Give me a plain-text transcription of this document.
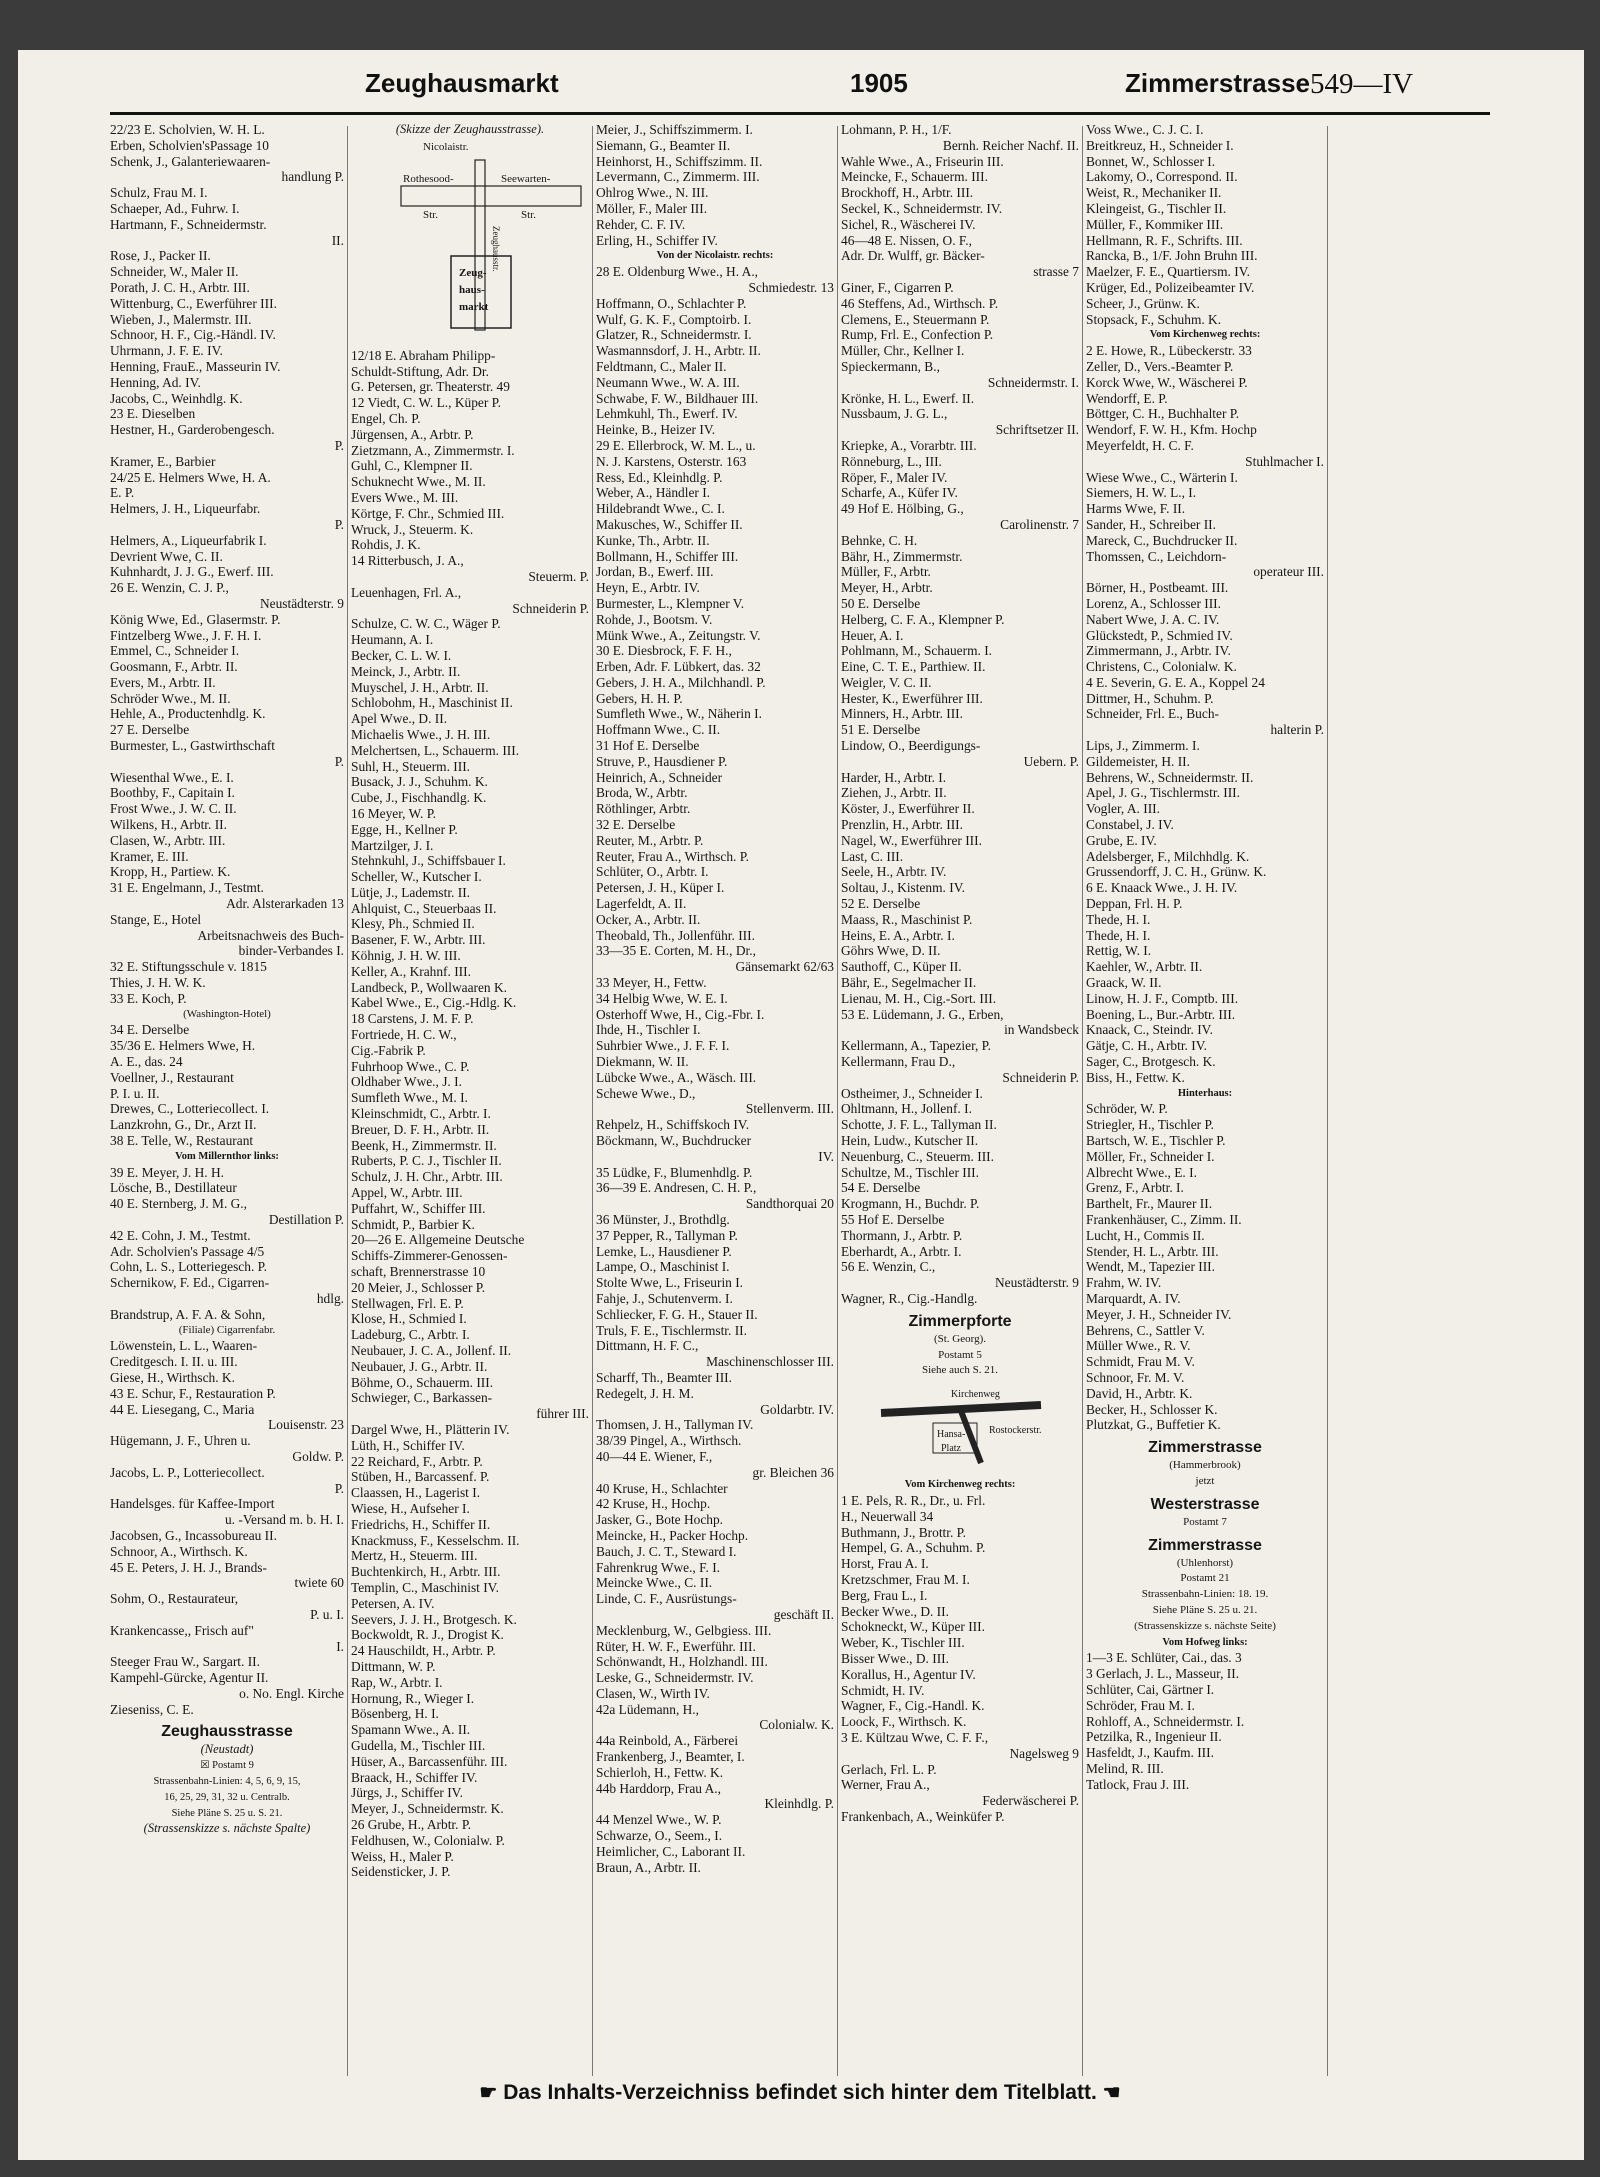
Zeughausmarkt	1905	Zimmerstrasse 549—IV
22/23 E. Scholvien, W. H. L.
Erben, Scholvien'sPassage 10
Schenk, J., Galanteriewaaren-
handlung P.
Schulz, Frau M. I.
Schaeper, Ad., Fuhrw. I.
Hartmann, F., Schneidermstr.
II.
Rose, J., Packer II.
Schneider, W., Maler II.
Porath, J. C. H., Arbtr. III.
Wittenburg, C., Ewerführer III.
Wieben, J., Malermstr. III.
Schnoor, H. F., Cig.-Händl. IV.
Uhrmann, J. F. E. IV.
Henning, FrauE., Masseurin IV.
Henning, Ad. IV.
Jacobs, C., Weinhdlg. K.
23 E. Dieselben
Hestner, H., Garderobengesch.
P.
Kramer, E., Barbier
24/25 E. Helmers Wwe, H. A.
E. P.
Helmers, J. H., Liqueurfabr.
P.
Helmers, A., Liqueurfabrik I.
Devrient Wwe, C. II.
Kuhnhardt, J. J. G., Ewerf. III.
26 E. Wenzin, C. J. P.,
Neustädterstr. 9
König Wwe, Ed., Glasermstr. P.
Fintzelberg Wwe., J. F. H. I.
Emmel, C., Schneider I.
Goosmann, F., Arbtr. II.
Evers, M., Arbtr. II.
Schröder Wwe., M. II.
Hehle, A., Productenhdlg. K.
27 E. Derselbe
Burmester, L., Gastwirthschaft
P.
Wiesenthal Wwe., E. I.
Boothby, F., Capitain I.
Frost Wwe., J. W. C. II.
Wilkens, H., Arbtr. II.
Clasen, W., Arbtr. III.
Kramer, E. III.
Kropp, H., Partiew. K.
31 E. Engelmann, J., Testmt.
Adr. Alsterarkaden 13
Stange, E., Hotel
Arbeitsnachweis des Buch-
binder-Verbandes I.
32 E. Stiftungsschule v. 1815
Thies, J. H. W. K.
33 E. Koch, P.
(Washington-Hotel)
34 E. Derselbe
35/36 E. Helmers Wwe, H.
A. E., das. 24
Voellner, J., Restaurant
P. I. u. II.
Drewes, C., Lotteriecollect. I.
Lanzkrohn, G., Dr., Arzt II.
38 E. Telle, W., Restaurant
Vom Millernthor links:
39 E. Meyer, J. H. H.
Lösche, B., Destillateur
40 E. Sternberg, J. M. G.,
Destillation P.
42 E. Cohn, J. M., Testmt.
Adr. Scholvien's Passage 4/5
Cohn, L. S., Lotteriegesch. P.
Schernikow, F. Ed., Cigarren-
hdlg.
Brandstrup, A. F. A. & Sohn,
(Filiale) Cigarrenfabr.
Löwenstein, L. L., Waaren-
Creditgesch. I. II. u. III.
Giese, H., Wirthsch. K.
43 E. Schur, F., Restauration P.
44 E. Liesegang, C., Maria
Louisenstr. 23
Hügemann, J. F., Uhren u.
Goldw. P.
Jacobs, L. P., Lotteriecollect.
P.
Handelsges. für Kaffee-Import
u. -Versand m. b. H. I.
Jacobsen, G., Incassobureau II.
Schnoor, A., Wirthsch. K.
45 E. Peters, J. H. J., Brands-
twiete 60
Sohm, O., Restaurateur,
P. u. I.
Krankencasse,, Frisch auf"
I.
Steeger Frau W., Sargart. II.
Kampehl-Gürcke, Agentur II.
o. No. Engl. Kirche
Zieseniss, C. E.
Zeughausstrasse
(Neustadt)
☒ Postamt 9
Strassenbahn-Linien: 4, 5, 6, 9, 15,
16, 25, 29, 31, 32 u. Centralb.
Siehe Pläne S. 25 u. S. 21.
(Strassenskizze s. nächste Spalte)
(Skizze der Zeughausstrasse).
Nicolaistr.
Rothesood-
Str.
Seewarten-
Str.
Zeug-
haus-
markt
Zeughausstr.
12/18 E. Abraham Philipp-
Schuldt-Stiftung, Adr. Dr.
G. Petersen, gr. Theaterstr. 49
12 Viedt, C. W. L., Küper P.
Engel, Ch. P.
Jürgensen, A., Arbtr. P.
Zietzmann, A., Zimmermstr. I.
Guhl, C., Klempner II.
Schuknecht Wwe., M. II.
Evers Wwe., M. III.
Körtge, F. Chr., Schmied III.
Wruck, J., Steuerm. K.
Rohdis, J. K.
14 Ritterbusch, J. A.,
Steuerm. P.
Leuenhagen, Frl. A.,
Schneiderin P.
Schulze, C. W. C., Wäger P.
Heumann, A. I.
Becker, C. L. W. I.
Meinck, J., Arbtr. II.
Muyschel, J. H., Arbtr. II.
Schlobohm, H., Maschinist II.
Apel Wwe., D. II.
Michaelis Wwe., J. H. III.
Melchertsen, L., Schauerm. III.
Suhl, H., Steuerm. III.
Busack, J. J., Schuhm. K.
Cube, J., Fischhandlg. K.
16 Meyer, W. P.
Egge, H., Kellner P.
Martzilger, J. I.
Stehnkuhl, J., Schiffsbauer I.
Scheller, W., Kutscher I.
Lütje, J., Lademstr. II.
Ahlquist, C., Steuerbaas II.
Klesy, Ph., Schmied II.
Basener, F. W., Arbtr. III.
Köhnig, J. H. W. III.
Keller, A., Krahnf. III.
Landbeck, P., Wollwaaren K.
Kabel Wwe., E., Cig.-Hdlg. K.
18 Carstens, J. M. F. P.
Fortriede, H. C. W.,
Cig.-Fabrik P.
Fuhrhoop Wwe., C. P.
Oldhaber Wwe., J. I.
Sumfleth Wwe., M. I.
Kleinschmidt, C., Arbtr. I.
Breuer, D. F. H., Arbtr. II.
Beenk, H., Zimmermstr. II.
Ruberts, P. C. J., Tischler II.
Schulz, J. H. Chr., Arbtr. III.
Appel, W., Arbtr. III.
Puffahrt, W., Schiffer III.
Schmidt, P., Barbier K.
20—26 E. Allgemeine Deutsche
Schiffs-Zimmerer-Genossen-
schaft, Brennerstrasse 10
20 Meier, J., Schlosser P.
Stellwagen, Frl. E. P.
Klose, H., Schmied I.
Ladeburg, C., Arbtr. I.
Neubauer, J. C. A., Jollenf. II.
Neubauer, J. G., Arbtr. II.
Böhme, O., Schauerm. III.
Schwieger, C., Barkassen-
führer III.
Dargel Wwe, H., Plätterin IV.
Lüth, H., Schiffer IV.
22 Reichard, F., Arbtr. P.
Stüben, H., Barcassenf. P.
Claassen, H., Lagerist I.
Wiese, H., Aufseher I.
Friedrichs, H., Schiffer II.
Knackmuss, F., Kesselschm. II.
Mertz, H., Steuerm. III.
Buchtenkirch, H., Arbtr. III.
Templin, C., Maschinist IV.
Petersen, A. IV.
Seevers, J. J. H., Brotgesch. K.
Bockwoldt, R. J., Drogist K.
24 Hauschildt, H., Arbtr. P.
Dittmann, W. P.
Rap, W., Arbtr. I.
Hornung, R., Wieger I.
Bösenberg, H. I.
Spamann Wwe., A. II.
Gudella, M., Tischler III.
Hüser, A., Barcassenführ. III.
Braack, H., Schiffer IV.
Jürgs, J., Schiffer IV.
Meyer, J., Schneidermstr. K.
26 Grube, H., Arbtr. P.
Feldhusen, W., Colonialw. P.
Weiss, H., Maler P.
Seidensticker, J. P.
Meier, J., Schiffszimmerm. I.
Siemann, G., Beamter II.
Heinhorst, H., Schiffszimm. II.
Levermann, C., Zimmerm. III.
Ohlrog Wwe., N. III.
Möller, F., Maler III.
Rehder, C. F. IV.
Erling, H., Schiffer IV.
Von der Nicolaistr. rechts:
28 E. Oldenburg Wwe., H. A.,
Schmiedestr. 13
Hoffmann, O., Schlachter P.
Wulf, G. K. F., Comptoirb. I.
Glatzer, R., Schneidermstr. I.
Wasmannsdorf, J. H., Arbtr. II.
Feldtmann, C., Maler II.
Neumann Wwe., W. A. III.
Schwabe, F. W., Bildhauer III.
Lehmkuhl, Th., Ewerf. IV.
Heinke, B., Heizer IV.
29 E. Ellerbrock, W. M. L., u.
N. J. Karstens, Osterstr. 163
Ress, Ed., Kleinhdlg. P.
Weber, A., Händler I.
Hildebrandt Wwe., C. I.
Makusches, W., Schiffer II.
Kunke, Th., Arbtr. II.
Bollmann, H., Schiffer III.
Jordan, B., Ewerf. III.
Heyn, E., Arbtr. IV.
Burmester, L., Klempner V.
Rohde, J., Bootsm. V.
Münk Wwe., A., Zeitungstr. V.
30 E. Diesbrock, F. F. H.,
Erben, Adr. F. Lübkert, das. 32
Gebers, J. H. A., Milchhandl. P.
Gebers, H. H. P.
Sumfleth Wwe., W., Näherin I.
Hoffmann Wwe., C. II.
31 Hof E. Derselbe
Struve, P., Hausdiener P.
Heinrich, A., Schneider
Broda, W., Arbtr.
Röthlinger, Arbtr.
32 E. Derselbe
Reuter, M., Arbtr. P.
Reuter, Frau A., Wirthsch. P.
Schlüter, O., Arbtr. I.
Petersen, J. H., Küper I.
Lagerfeldt, A. II.
Ocker, A., Arbtr. II.
Theobald, Th., Jollenführ. III.
33—35 E. Corten, M. H., Dr.,
Gänsemarkt 62/63
33 Meyer, H., Fettw.
34 Helbig Wwe, W. E. I.
Osterhoff Wwe, H., Cig.-Fbr. I.
Ihde, H., Tischler I.
Suhrbier Wwe., J. F. F. I.
Diekmann, W. II.
Lübcke Wwe., A., Wäsch. III.
Schewe Wwe., D.,
Stellenverm. III.
Rehpelz, H., Schiffskoch IV.
Böckmann, W., Buchdrucker
IV.
35 Lüdke, F., Blumenhdlg. P.
36—39 E. Andresen, C. H. P.,
Sandthorquai 20
36 Münster, J., Brothdlg.
37 Pepper, R., Tallyman P.
Lemke, L., Hausdiener P.
Lampe, O., Maschinist I.
Stolte Wwe, L., Friseurin I.
Fahje, J., Schutenverm. I.
Schliecker, F. G. H., Stauer II.
Truls, F. E., Tischlermstr. II.
Dittmann, H. F. C.,
Maschinenschlosser III.
Scharff, Th., Beamter III.
Redegelt, J. H. M.
Goldarbtr. IV.
Thomsen, J. H., Tallyman IV.
38/39 Pingel, A., Wirthsch.
40—44 E. Wiener, F.,
gr. Bleichen 36
40 Kruse, H., Schlachter
42 Kruse, H., Hochp.
Jasker, G., Bote Hochp.
Meincke, H., Packer Hochp.
Bauch, J. C. T., Steward I.
Fahrenkrug Wwe., F. I.
Meincke Wwe., C. II.
Linde, C. F., Ausrüstungs-
geschäft II.
Mecklenburg, W., Gelbgiess. III.
Rüter, H. W. F., Ewerführ. III.
Schönwandt, H., Holzhandl. III.
Leske, G., Schneidermstr. IV.
Clasen, W., Wirth IV.
42a Lüdemann, H.,
Colonialw. K.
44a Reinbold, A., Färberei
Frankenberg, J., Beamter, I.
Schierloh, H., Fettw. K.
44b Harddorp, Frau A.,
Kleinhdlg. P.
44 Menzel Wwe., W. P.
Schwarze, O., Seem., I.
Heimlicher, C., Laborant II.
Braun, A., Arbtr. II.
Lohmann, P. H., 1/F.
Bernh. Reicher Nachf. II.
Wahle Wwe., A., Friseurin III.
Meincke, F., Schauerm. III.
Brockhoff, H., Arbtr. III.
Seckel, K., Schneidermstr. IV.
Sichel, R., Wäscherei IV.
46—48 E. Nissen, O. F.,
Adr. Dr. Wulff, gr. Bäcker-
strasse 7
Giner, F., Cigarren P.
46 Steffens, Ad., Wirthsch. P.
Clemens, E., Steuermann P.
Rump, Frl. E., Confection P.
Müller, Chr., Kellner I.
Spieckermann, B.,
Schneidermstr. I.
Krönke, H. L., Ewerf. II.
Nussbaum, J. G. L.,
Schriftsetzer II.
Kriepke, A., Vorarbtr. III.
Rönneburg, L., III.
Röper, F., Maler IV.
Scharfe, A., Küfer IV.
49 Hof E. Hölbing, G.,
Carolinenstr. 7
Behnke, C. H.
Bähr, H., Zimmermstr.
Müller, F., Arbtr.
Meyer, H., Arbtr.
50 E. Derselbe
Helberg, C. F. A., Klempner P.
Heuer, A. I.
Pohlmann, M., Schauerm. I.
Eine, C. T. E., Parthiew. II.
Weigler, V. C. II.
Hester, K., Ewerführer III.
Minners, H., Arbtr. III.
51 E. Derselbe
Lindow, O., Beerdigungs-
Uebern. P.
Harder, H., Arbtr. I.
Ziehen, J., Arbtr. II.
Köster, J., Ewerführer II.
Prenzlin, H., Arbtr. III.
Nagel, W., Ewerführer III.
Last, C. III.
Seele, H., Arbtr. IV.
Soltau, J., Kistenm. IV.
52 E. Derselbe
Maass, R., Maschinist P.
Heins, E. A., Arbtr. I.
Göhrs Wwe, D. II.
Sauthoff, C., Küper II.
Bähr, E., Segelmacher II.
Lienau, M. H., Cig.-Sort. III.
53 E. Lüdemann, J. G., Erben,
in Wandsbeck
Kellermann, A., Tapezier, P.
Kellermann, Frau D.,
Schneiderin P.
Ostheimer, J., Schneider I.
Ohltmann, H., Jollenf. I.
Schotte, J. F. L., Tallyman II.
Hein, Ludw., Kutscher II.
Neuenburg, C., Steuerm. III.
Schultze, M., Tischler III.
54 E. Derselbe
Krogmann, H., Buchdr. P.
55 Hof E. Derselbe
Thormann, J., Arbtr. P.
Eberhardt, A., Arbtr. I.
56 E. Wenzin, C.,
Neustädterstr. 9
Wagner, R., Cig.-Handlg.
Zimmerpforte
(St. Georg).
Postamt 5
Siehe auch S. 21.
Kirchenweg
Hansa-
Platz
Rostockerstr.
Vom Kirchenweg rechts:
1 E. Pels, R. R., Dr., u. Frl.
H., Neuerwall 34
Buthmann, J., Brottr. P.
Hempel, G. A., Schuhm. P.
Horst, Frau A. I.
Kretzschmer, Frau M. I.
Berg, Frau L., I.
Becker Wwe., D. II.
Schokneckt, W., Küper III.
Weber, K., Tischler III.
Bisser Wwe., D. III.
Korallus, H., Agentur IV.
Schmidt, H. IV.
Wagner, F., Cig.-Handl. K.
Loock, F., Wirthsch. K.
3 E. Kültzau Wwe, C. F. F.,
Nagelsweg 9
Gerlach, Frl. L. P.
Werner, Frau A.,
Federwäscherei P.
Frankenbach, A., Weinküfer P.
Voss Wwe., C. J. C. I.
Breitkreuz, H., Schneider I.
Bonnet, W., Schlosser I.
Lakomy, O., Correspond. II.
Weist, R., Mechaniker II.
Kleingeist, G., Tischler II.
Müller, F., Kommiker III.
Hellmann, R. F., Schrifts. III.
Rancka, B., 1/F. John Bruhn III.
Maelzer, F. E., Quartiersm. IV.
Krüger, Ed., Polizeibeamter IV.
Scheer, J., Grünw. K.
Stopsack, F., Schuhm. K.
Vom Kirchenweg rechts:
2 E. Howe, R., Lübeckerstr. 33
Zeller, D., Vers.-Beamter P.
Korck Wwe, W., Wäscherei P.
Wendorff, E. P.
Böttger, C. H., Buchhalter P.
Wendorf, F. W. H., Kfm. Hochp
Meyerfeldt, H. C. F.
Stuhlmacher I.
Wiese Wwe., C., Wärterin I.
Siemers, H. W. L., I.
Harms Wwe, F. II.
Sander, H., Schreiber II.
Mareck, C., Buchdrucker II.
Thomssen, C., Leichdorn-
operateur III.
Börner, H., Postbeamt. III.
Lorenz, A., Schlosser III.
Nabert Wwe, J. A. C. IV.
Glückstedt, P., Schmied IV.
Zimmermann, J., Arbtr. IV.
Christens, C., Colonialw. K.
4 E. Severin, G. E. A., Koppel 24
Dittmer, H., Schuhm. P.
Schneider, Frl. E., Buch-
halterin P.
Lips, J., Zimmerm. I.
Gildemeister, H. II.
Behrens, W., Schneidermstr. II.
Apel, J. G., Tischlermstr. III.
Vogler, A. III.
Constabel, J. IV.
Grube, E. IV.
Adelsberger, F., Milchhdlg. K.
Grussendorff, J. C. H., Grünw. K.
6 E. Knaack Wwe., J. H. IV.
Deppan, Frl. H. P.
Thede, H. I.
Thede, H. I.
Rettig, W. I.
Kaehler, W., Arbtr. II.
Graack, W. II.
Linow, H. J. F., Comptb. III.
Boening, L., Bur.-Arbtr. III.
Knaack, C., Steindr. IV.
Gätje, C. H., Arbtr. IV.
Sager, C., Brotgesch. K.
Biss, H., Fettw. K.
Hinterhaus:
Schröder, W. P.
Striegler, H., Tischler P.
Bartsch, W. E., Tischler P.
Möller, Fr., Schneider I.
Albrecht Wwe., E. I.
Grenz, F., Arbtr. I.
Barthelt, Fr., Maurer II.
Frankenhäuser, C., Zimm. II.
Lucht, H., Commis II.
Stender, H. L., Arbtr. III.
Wendt, M., Tapezier III.
Frahm, W. IV.
Marquardt, A. IV.
Meyer, J. H., Schneider IV.
Behrens, C., Sattler V.
Müller Wwe., R. V.
Schmidt, Frau M. V.
Schnoor, Fr. M. V.
David, H., Arbtr. K.
Becker, H., Schlosser K.
Plutzkat, G., Buffetier K.
Zimmerstrasse
(Hammerbrook)
jetzt
Westerstrasse
Postamt 7
Zimmerstrasse
(Uhlenhorst)
Postamt 21
Strassenbahn-Linien: 18. 19.
Siehe Pläne S. 25 u. 21.
(Strassenskizze s. nächste Seite)
Vom Hofweg links:
1—3 E. Schlüter, Cai., das. 3
3 Gerlach, J. L., Masseur, II.
Schlüter, Cai, Gärtner I.
Schröder, Frau M. I.
Rohloff, A., Schneidermstr. I.
Petzilka, R., Ingenieur II.
Hasfeldt, J., Kaufm. III.
Melind, R. III.
Tatlock, Frau J. III.
☛ Das Inhalts-Verzeichniss befindet sich hinter dem Titelblatt. ☚
